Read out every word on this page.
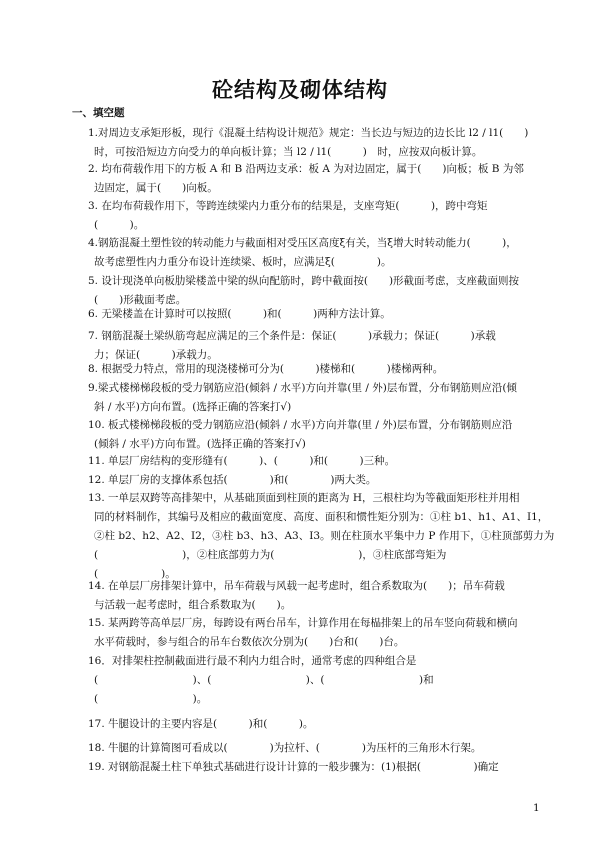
砼结构及砌体结构
一、填空题
1.对周边支承矩形板，现行《混凝土结构设计规范》规定：当长边与短边的边长比 l2 / l1(　　)
时，可按沿短边方向受力的单向板计算；当 l2 / l1(　　　)　时，应按双向板计算。
2. 均布荷载作用下的方板 A 和 B 沿两边支承：板 A 为对边固定，属于(　　)向板；板 B 为邻
边固定，属于(　　)向板。
3. 在均布荷载作用下，等跨连续梁内力重分布的结果是，支座弯矩(　　　)，跨中弯矩
(　　　)。
4.钢筋混凝土塑性铰的转动能力与截面相对受压区高度ξ有关，当ξ增大时转动能力(　　　)，
故考虑塑性内力重分布设计连续梁、板时，应满足ξ(　　　　)。
5. 设计现浇单向板肋梁楼盖中梁的纵向配筋时，跨中截面按(　　)形截面考虑，支座截面则按
(　　)形截面考虑。
6. 无梁楼盖在计算时可以按照(　　　)和(　　　)两种方法计算。
7. 钢筋混凝土梁纵筋弯起应满足的三个条件是：保证(　　　)承载力；保证(　　　)承载
力；保证(　　　)承载力。
8. 根据受力特点，常用的现浇楼梯可分为(　　　)楼梯和(　　　)楼梯两种。
9.梁式楼梯梯段板的受力钢筋应沿(倾斜 / 水平)方向并靠(里 / 外)层布置，分布钢筋则应沿(倾
斜 / 水平)方向布置。(选择正确的答案打√)
10. 板式楼梯梯段板的受力钢筋应沿(倾斜 / 水平)方向并靠(里 / 外)层布置，分布钢筋则应沿
(倾斜 / 水平)方向布置。(选择正确的答案打√)
11. 单层厂房结构的变形缝有(　　　)、(　　　)和(　　　)三种。
12. 单层厂房的支撑体系包括(　　　　)和(　　　　)两大类。
13. 一单层双跨等高排架中，从基础顶面到柱顶的距离为 H，三根柱均为等截面矩形柱并用相
同的材料制作，其编号及相应的截面宽度、高度、面积和惯性矩分别为：①柱 b1、h1、A1、I1，
②柱 b2、h2、A2、I2，③柱 b3、h3、A3、I3。则在柱顶水平集中力 P 作用下，①柱顶部剪力为
(　　　　　　　　)，②柱底部剪力为(　　　　　　　　)，③柱底部弯矩为
(　　　　　　)。
14. 在单层厂房排架计算中，吊车荷载与风载一起考虑时，组合系数取为(　　)；吊车荷载
与活载一起考虑时，组合系数取为(　　)。
15. 某两跨等高单层厂房，每跨设有两台吊车，计算作用在每榀排架上的吊车竖向荷载和横向
水平荷载时，参与组合的吊车台数依次分别为(　　)台和(　　)台。
16．对排架柱控制截面进行最不利内力组合时，通常考虑的四种组合是
(　　　　　　　　　)、(　　　　　　　　　)、(　　　　　　　　　)和
(　　　　　　　　　)。
17. 牛腿设计的主要内容是(　　　)和(　　　)。
18. 牛腿的计算简图可看成以(　　　　)为拉杆、(　　　　)为压杆的三角形木行架。
19. 对钢筋混凝土柱下单独式基础进行设计计算的一般步骤为：(1)根据(　　　　　)确定
1
